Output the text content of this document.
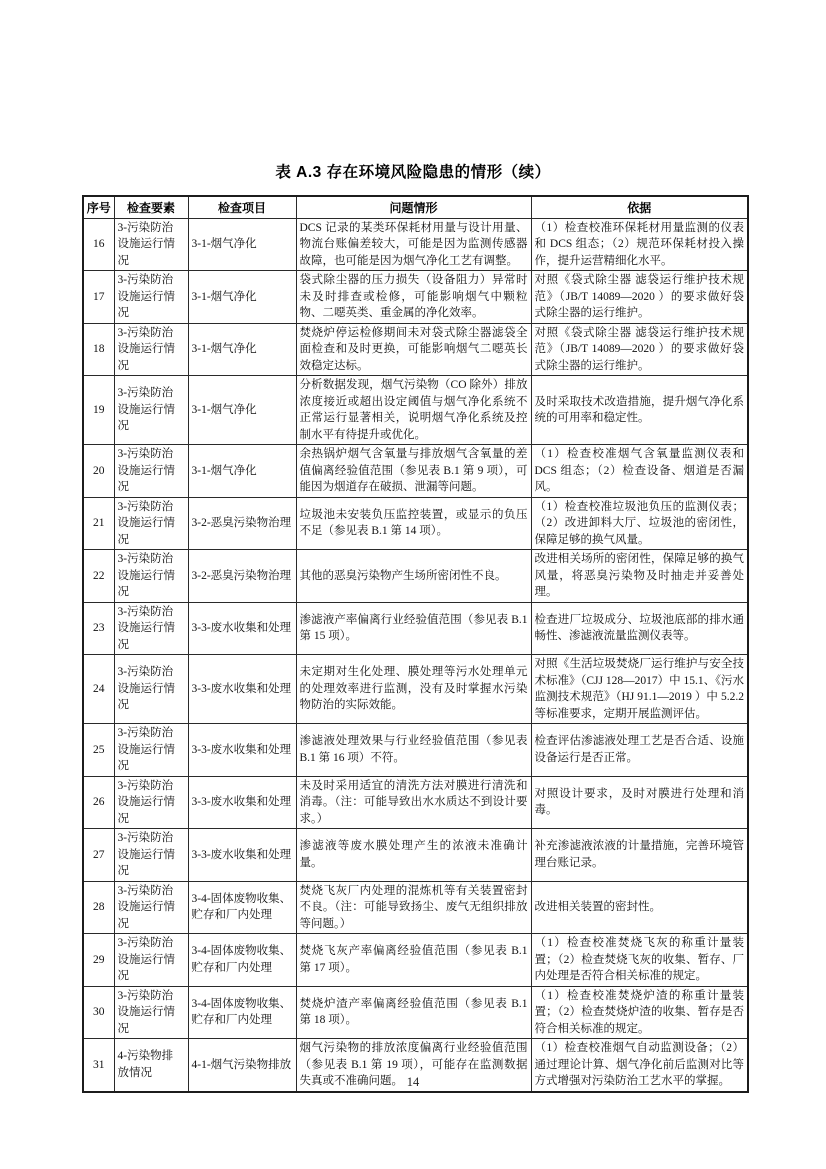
表 A.3 存在环境风险隐患的情形（续）
序号	检查要素	检查项目	问题情形	依据
16	3-污染防治设施运行情况	3-1-烟气净化	DCS 记录的某类环保耗材用量与设计用量、物流台账偏差较大，可能是因为监测传感器故障，也可能是因为烟气净化工艺有调整。	（1）检查校准环保耗材用量监测的仪表和 DCS 组态；（2）规范环保耗材投入操作，提升运营精细化水平。
17	3-污染防治设施运行情况	3-1-烟气净化	袋式除尘器的压力损失（设备阻力）异常时未及时排查或检修，可能影响烟气中颗粒物、二噁英类、重金属的净化效率。	对照《袋式除尘器 滤袋运行维护技术规范》（JB/T 14089—2020 ）的要求做好袋式除尘器的运行维护。
18	3-污染防治设施运行情况	3-1-烟气净化	焚烧炉停运检修期间未对袋式除尘器滤袋全面检查和及时更换，可能影响烟气二噁英长效稳定达标。	对照《袋式除尘器 滤袋运行维护技术规范》（JB/T 14089—2020 ）的要求做好袋式除尘器的运行维护。
19	3-污染防治设施运行情况	3-1-烟气净化	分析数据发现，烟气污染物（CO 除外）排放浓度接近或超出设定阈值与烟气净化系统不正常运行显著相关，说明烟气净化系统及控制水平有待提升或优化。	及时采取技术改造措施，提升烟气净化系统的可用率和稳定性。
20	3-污染防治设施运行情况	3-1-烟气净化	余热锅炉烟气含氧量与排放烟气含氧量的差值偏离经验值范围（参见表 B.1 第 9 项），可能因为烟道存在破损、泄漏等问题。	（1）检查校准烟气含氧量监测仪表和 DCS 组态；（2）检查设备、烟道是否漏风。
21	3-污染防治设施运行情况	3-2-恶臭污染物治理	垃圾池未安装负压监控装置，或显示的负压不足（参见表 B.1 第 14 项）。	（1）检查校准垃圾池负压的监测仪表；（2）改进卸料大厅、垃圾池的密闭性，保障足够的换气风量。
22	3-污染防治设施运行情况	3-2-恶臭污染物治理	其他的恶臭污染物产生场所密闭性不良。	改进相关场所的密闭性，保障足够的换气风量，将恶臭污染物及时抽走并妥善处理。
23	3-污染防治设施运行情况	3-3-废水收集和处理	渗滤液产率偏离行业经验值范围（参见表 B.1 第 15 项）。	检查进厂垃圾成分、垃圾池底部的排水通畅性、渗滤液流量监测仪表等。
24	3-污染防治设施运行情况	3-3-废水收集和处理	未定期对生化处理、膜处理等污水处理单元的处理效率进行监测，没有及时掌握水污染物防治的实际效能。	对照《生活垃圾焚烧厂运行维护与安全技术标准》（CJJ 128—2017）中 15.1、《污水监测技术规范》（HJ 91.1—2019 ）中 5.2.2 等标准要求，定期开展监测评估。
25	3-污染防治设施运行情况	3-3-废水收集和处理	渗滤液处理效果与行业经验值范围（参见表 B.1 第 16 项）不符。	检查评估渗滤液处理工艺是否合适、设施设备运行是否正常。
26	3-污染防治设施运行情况	3-3-废水收集和处理	未及时采用适宜的清洗方法对膜进行清洗和消毒。（注：可能导致出水水质达不到设计要求。）	对照设计要求，及时对膜进行处理和消毒。
27	3-污染防治设施运行情况	3-3-废水收集和处理	渗滤液等废水膜处理产生的浓液未准确计量。	补充渗滤液浓液的计量措施，完善环境管理台账记录。
28	3-污染防治设施运行情况	3-4-固体废物收集、贮存和厂内处理	焚烧飞灰厂内处理的混炼机等有关装置密封不良。（注：可能导致扬尘、废气无组织排放等问题。）	改进相关装置的密封性。
29	3-污染防治设施运行情况	3-4-固体废物收集、贮存和厂内处理	焚烧飞灰产率偏离经验值范围（参见表 B.1 第 17 项）。	（1）检查校准焚烧飞灰的称重计量装置；（2）检查焚烧飞灰的收集、暂存、厂内处理是否符合相关标准的规定。
30	3-污染防治设施运行情况	3-4-固体废物收集、贮存和厂内处理	焚烧炉渣产率偏离经验值范围（参见表 B.1 第 18 项）。	（1）检查校准焚烧炉渣的称重计量装置；（2）检查焚烧炉渣的收集、暂存是否符合相关标准的规定。
31	4-污染物排放情况	4-1-烟气污染物排放	烟气污染物的排放浓度偏离行业经验值范围（参见表 B.1 第 19 项），可能存在监测数据失真或不准确问题。	（1）检查校准烟气自动监测设备；（2）通过理论计算、烟气净化前后监测对比等方式增强对污染防治工艺水平的掌握。
14
